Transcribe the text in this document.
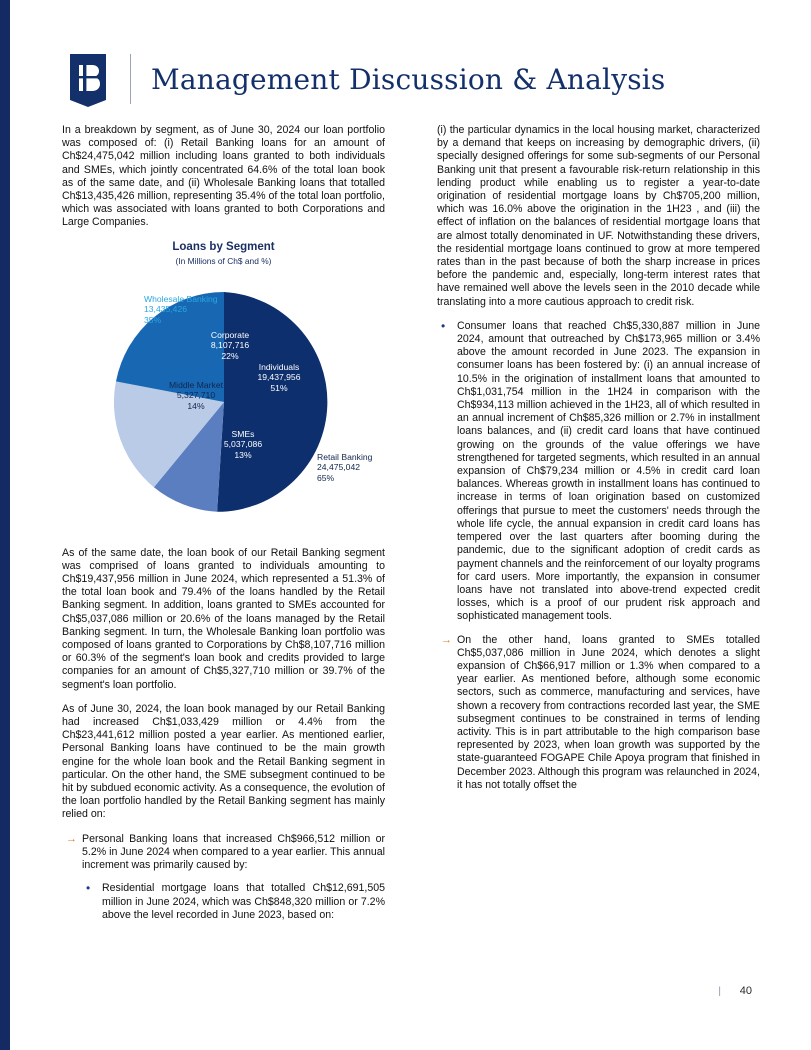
Management Discussion & Analysis

In a breakdown by segment, as of June 30, 2024 our loan portfolio was composed of: (i) Retail Banking loans for an amount of Ch$24,475,042 million including loans granted to both individuals and SMEs, which jointly concentrated 64.6% of the total loan book as of the same date, and (ii) Wholesale Banking loans that totalled Ch$13,435,426 million, representing 35.4% of the total loan portfolio, which was associated with loans granted to both Corporations and Large Companies.

Loans by Segment
(In Millions of Ch$ and %)
Wholesale Banking
13,435,426
35%
Corporate
8,107,716
22%
Middle Market
5,327,710
14%
SMEs
5,037,086
13%
Individuals
19,437,956
51%
Retail Banking
24,475,042
65%

As of the same date, the loan book of our Retail Banking segment was comprised of loans granted to individuals amounting to Ch$19,437,956 million in June 2024, which represented a 51.3% of the total loan book and 79.4% of the loans handled by the Retail Banking segment. In addition, loans granted to SMEs accounted for Ch$5,037,086 million or 20.6% of the loans managed by the Retail Banking segment. In turn, the Wholesale Banking loan portfolio was composed of loans granted to Corporations by Ch$8,107,716 million or 60.3% of the segment's loan book and credits provided to large companies for an amount of Ch$5,327,710 million or 39.7% of the segment's loan portfolio.

As of June 30, 2024, the loan book managed by our Retail Banking had increased Ch$1,033,429 million or 4.4% from the Ch$23,441,612 million posted a year earlier. As mentioned earlier, Personal Banking loans have continued to be the main growth engine for the whole loan book and the Retail Banking segment in particular. On the other hand, the SME subsegment continued to be hit by subdued economic activity. As a consequence, the evolution of the loan portfolio handled by the Retail Banking segment has mainly relied on:

→ Personal Banking loans that increased Ch$966,512 million or 5.2% in June 2024 when compared to a year earlier. This annual increment was primarily caused by:
•	Residential mortgage loans that totalled Ch$12,691,505 million in June 2024, which was Ch$848,320 million or 7.2% above the level recorded in June 2023, based on:

(i) the particular dynamics in the local housing market, characterized by a demand that keeps on increasing by demographic drivers, (ii) specially designed offerings for some sub-segments of our Personal Banking unit that present a favourable risk-return relationship in this lending product while enabling us to register a year-to-date origination of residential mortgage loans by Ch$705,200 million, which was 16.0% above the origination in the 1H23 , and (iii) the effect of inflation on the balances of residential mortgage loans that are almost totally denominated in UF. Notwithstanding these drivers, the residential mortgage loans continued to grow at more tempered rates than in the past because of both the sharp increase in prices before the pandemic and, especially, long-term interest rates that have remained well above the levels seen in the 2010 decade while translating into a more cautious approach to credit risk.

•	Consumer loans that reached Ch$5,330,887 million in June 2024, amount that outreached by Ch$173,965 million or 3.4% above the amount recorded in June 2023. The expansion in consumer loans has been fostered by: (i) an annual increase of 10.5% in the origination of installment loans that amounted to Ch$1,031,754 million in the 1H24 in comparison with the Ch$934,113 million achieved in the 1H23, all of which resulted in an annual increment of Ch$85,326 million or 2.7% in installment loans balances, and (ii) credit card loans that have continued growing on the grounds of the value offerings we have strengthened for targeted segments, which resulted in an annual expansion of Ch$79,234 million or 4.5% in credit card loan balances. Whereas growth in installment loans has continued to increase in terms of loan origination based on customized offerings that pursue to meet the customers' needs through the whole life cycle, the annual expansion in credit card loans has tempered over the last quarters after booming during the pandemic, due to the significant adoption of credit cards as payment channels and the reinforcement of our loyalty programs for card users. More importantly, the expansion in consumer loans have not translated into above-trend expected credit losses, which is a proof of our prudent risk approach and sophisticated management tools.
→ On the other hand, loans granted to SMEs totalled Ch$5,037,086 million in June 2024, which denotes a slight expansion of Ch$66,917 million or 1.3% when compared to a year earlier. As mentioned before, although some economic sectors, such as commerce, manufacturing and services, have shown a recovery from contractions recorded last year, the SME subsegment continues to be constrained in terms of lending activity. This is in part attributable to the high comparison base represented by 2023, when loan growth was supported by the state-guaranteed FOGAPE Chile Apoya program that finished in December 2023. Although this program was relaunched in 2024, it has not totally offset the
| 40
